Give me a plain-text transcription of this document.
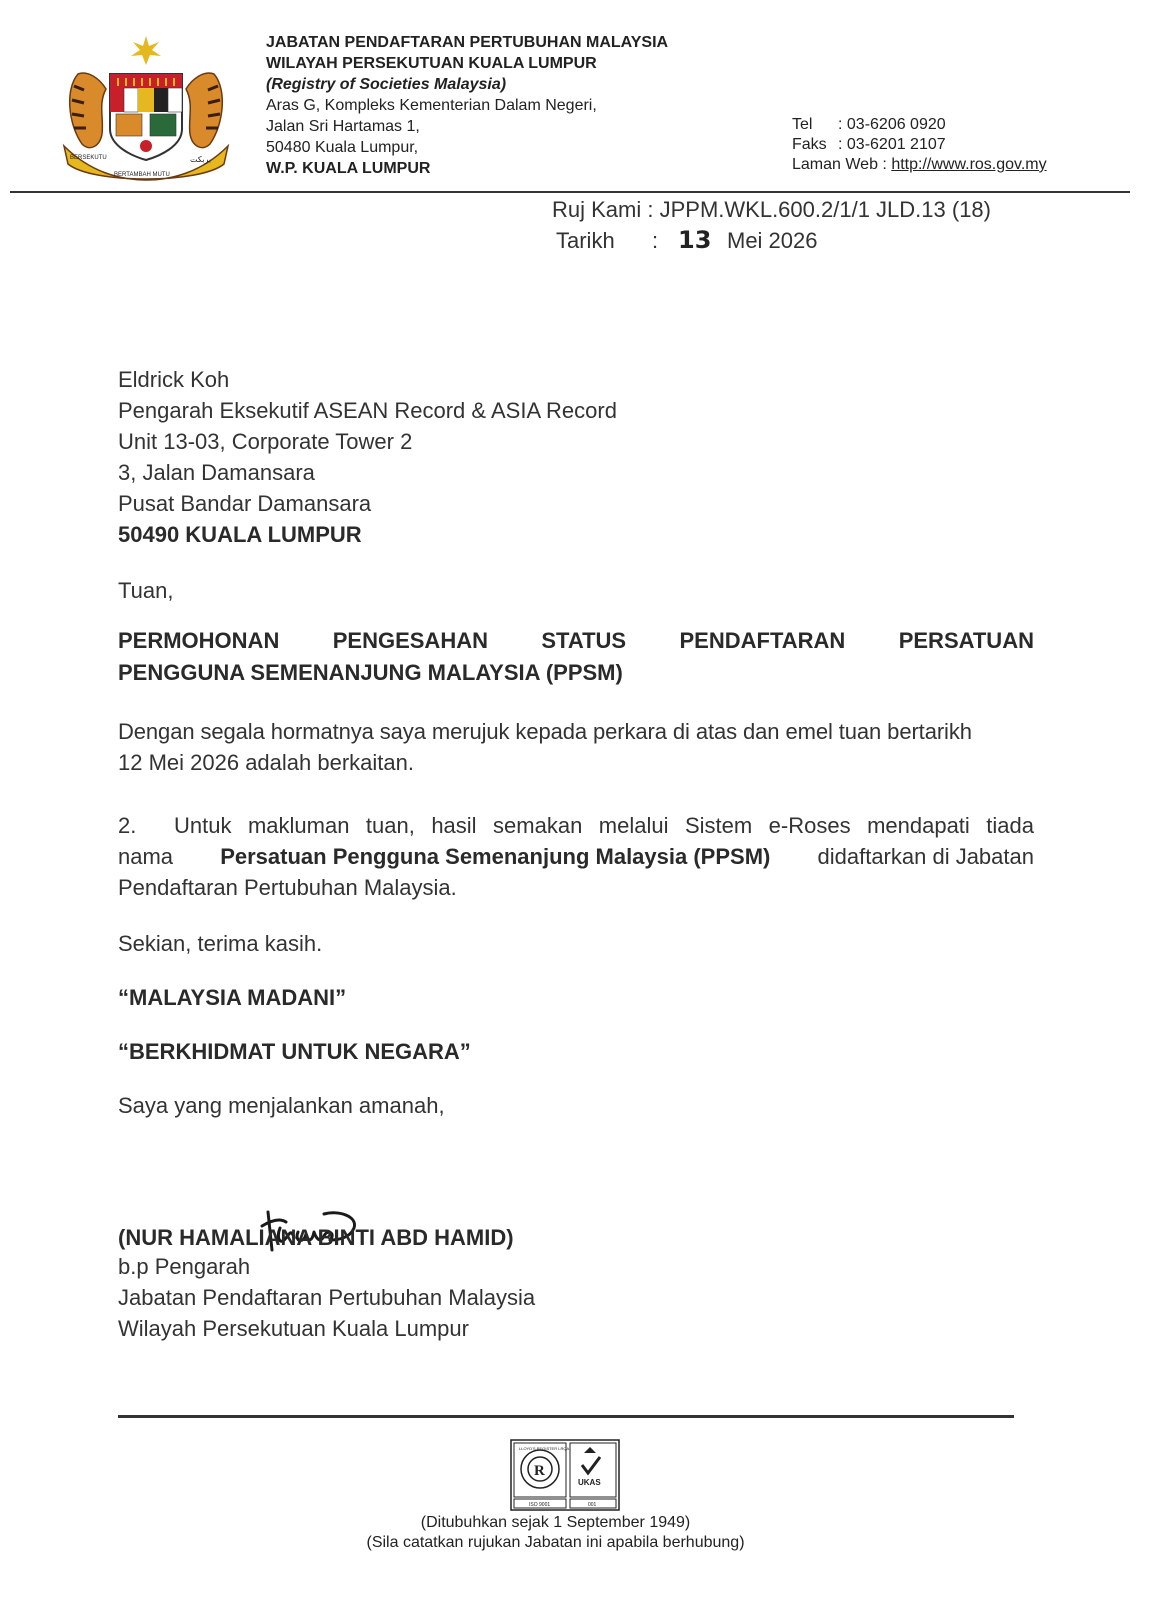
BERSEKUTU
BERTAMBAH MUTU
بربکت
JABATAN PENDAFTARAN PERTUBUHAN MALAYSIA
WILAYAH PERSEKUTUAN KUALA LUMPUR
(Registry of Societies Malaysia)
Aras G, Kompleks Kementerian Dalam Negeri,
Jalan Sri Hartamas 1,
50480 Kuala Lumpur,
W.P. KUALA LUMPUR
Tel : 03-6206 0920
Faks : 03-6201 2107
Laman Web : http://www.ros.gov.my
Ruj Kami : JPPM.WKL.600.2/1/1 JLD.13 (18)
Tarikh : 13 Mei 2026
Eldrick Koh
Pengarah Eksekutif ASEAN Record & ASIA Record
Unit 13-03, Corporate Tower 2
3, Jalan Damansara
Pusat Bandar Damansara
50490 KUALA LUMPUR
Tuan,
PERMOHONAN PENGESAHAN STATUS PENDAFTARAN PERSATUAN
PENGGUNA SEMENANJUNG MALAYSIA (PPSM)
Dengan segala hormatnya saya merujuk kepada perkara di atas dan emel tuan bertarikh
12 Mei 2026 adalah berkaitan.
2.	Untuk makluman tuan, hasil semakan melalui Sistem e-Roses mendapati tiada
nama Persatuan Pengguna Semenanjung Malaysia (PPSM) didaftarkan di Jabatan
Pendaftaran Pertubuhan Malaysia.
Sekian, terima kasih.
“MALAYSIA MADANI”
“BERKHIDMAT UNTUK NEGARA”
Saya yang menjalankan amanah,
(NUR HAMALIANA BINTI ABD HAMID)
b.p Pengarah
Jabatan Pendaftaran Pertubuhan Malaysia
Wilayah Persekutuan Kuala Lumpur
R
LLOYD'S REGISTER LRQA
ISO 9001
UKAS
001
(Ditubuhkan sejak 1 September 1949)
(Sila catatkan rujukan Jabatan ini apabila berhubung)
